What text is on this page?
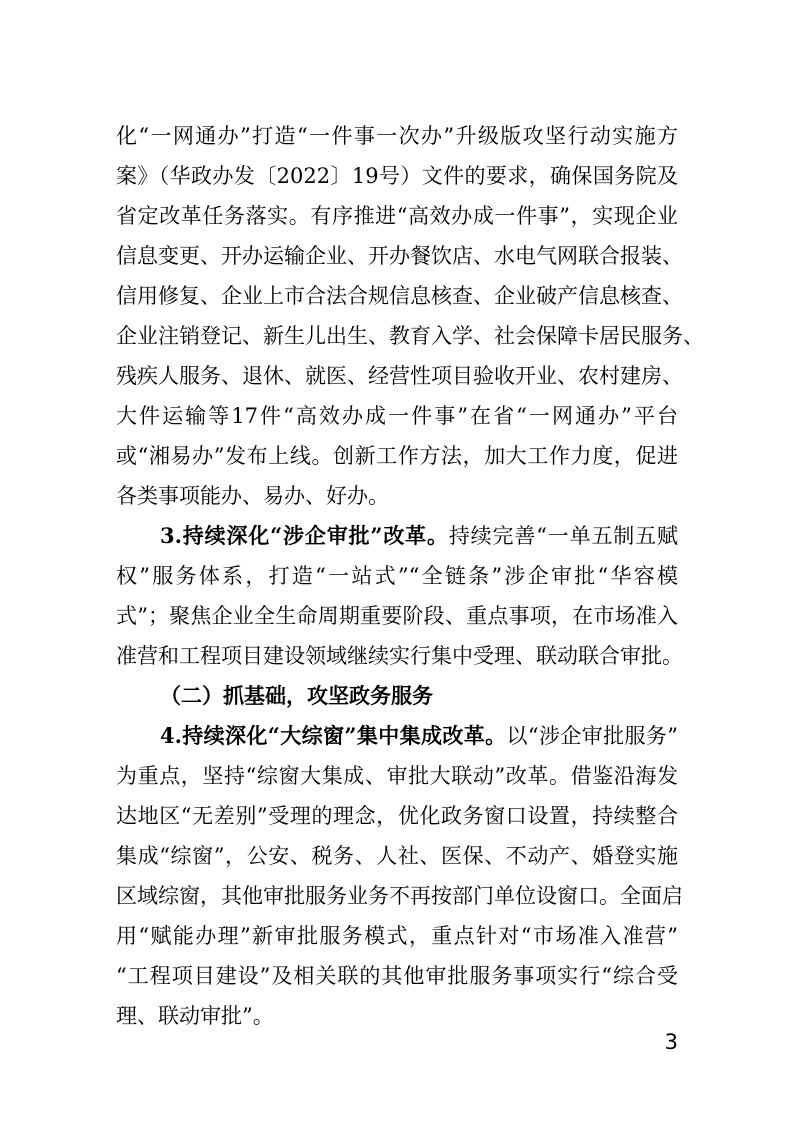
化“一网通办”打造“一件事一次办”升级版攻坚行动实施方
案》（华政办发〔2022〕19号）文件的要求，确保国务院及
省定改革任务落实。有序推进“高效办成一件事”，实现企业
信息变更、开办运输企业、开办餐饮店、水电气网联合报装、
信用修复、企业上市合法合规信息核查、企业破产信息核查、
企业注销登记、新生儿出生、教育入学、社会保障卡居民服务、
残疾人服务、退休、就医、经营性项目验收开业、农村建房、
大件运输等17件“高效办成一件事”在省“一网通办”平台
或“湘易办”发布上线。创新工作方法，加大工作力度，促进
各类事项能办、易办、好办。
3.持续深化“涉企审批”改革。持续完善“一单五制五赋
权”服务体系，打造“一站式”“全链条”涉企审批“华容模
式”；聚焦企业全生命周期重要阶段、重点事项，在市场准入
准营和工程项目建设领域继续实行集中受理、联动联合审批。
（二）抓基础，攻坚政务服务
4.持续深化“大综窗”集中集成改革。以“涉企审批服务”
为重点，坚持“综窗大集成、审批大联动”改革。借鉴沿海发
达地区“无差别”受理的理念，优化政务窗口设置，持续整合
集成“综窗”，公安、税务、人社、医保、不动产、婚登实施
区域综窗，其他审批服务业务不再按部门单位设窗口。全面启
用“赋能办理”新审批服务模式，重点针对“市场准入准营”
“工程项目建设”及相关联的其他审批服务事项实行“综合受
理、联动审批”。
3
